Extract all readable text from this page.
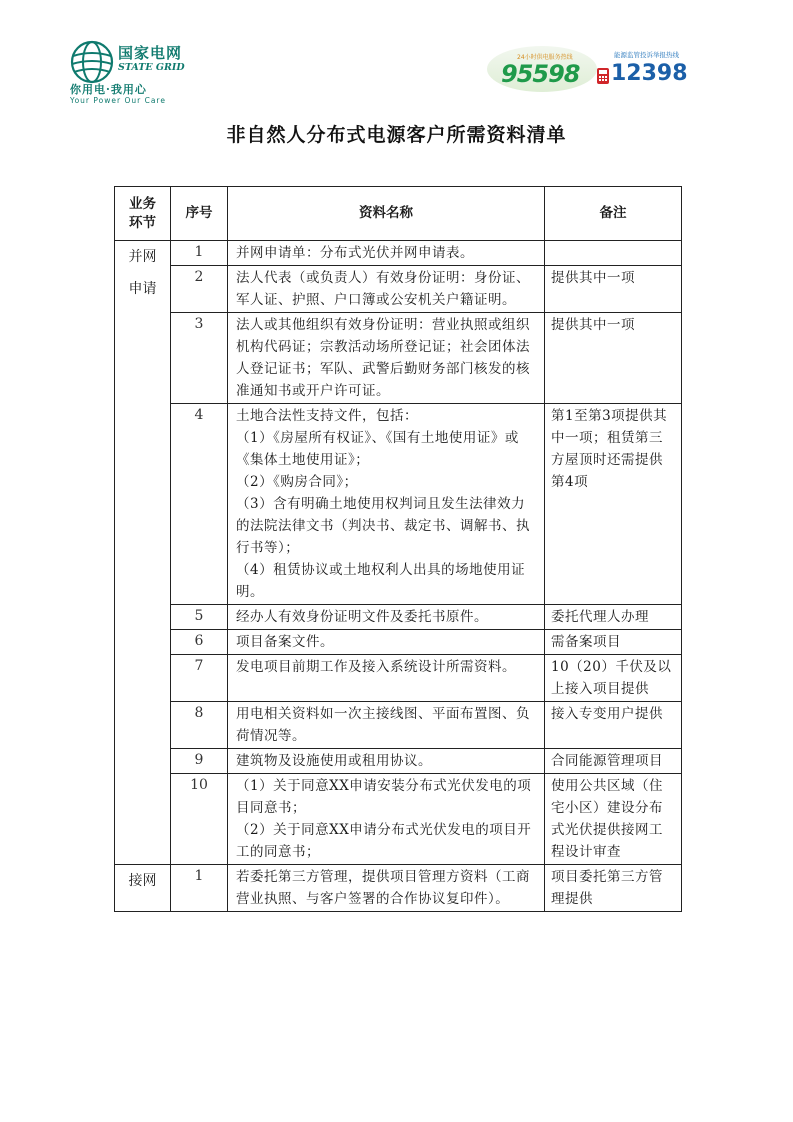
国家电网
STATE GRID
你用电·我用心
Your Power Our Care
24小时供电服务热线
95598
能源监管投诉举报热线
12398
非自然人分布式电源客户所需资料清单
业务环节	序号	资料名称	备注
并网申请	1	并网申请单：分布式光伏并网申请表。	

	2	法人代表（或负责人）有效身份证明：身份证、军人证、护照、户口簿或公安机关户籍证明。	提供其中一项
	3	法人或其他组织有效身份证明：营业执照或组织机构代码证；宗教活动场所登记证；社会团体法人登记证书；军队、武警后勤财务部门核发的核准通知书或开户许可证。	提供其中一项
	4	土地合法性支持文件，包括：
（1）《房屋所有权证》、《国有土地使用证》或《集体土地使用证》；
（2）《购房合同》；
（3）含有明确土地使用权判词且发生法律效力的法院法律文书（判决书、裁定书、调解书、执行书等）；
（4）租赁协议或土地权利人出具的场地使用证明。	第1至第3项提供其中一项；租赁第三方屋顶时还需提供第4项
	5	经办人有效身份证明文件及委托书原件。	委托代理人办理
	6	项目备案文件。	需备案项目
	7	发电项目前期工作及接入系统设计所需资料。	10（20）千伏及以上接入项目提供
	8	用电相关资料如一次主接线图、平面布置图、负荷情况等。	接入专变用户提供
	9	建筑物及设施使用或租用协议。	合同能源管理项目
	10	（1）关于同意XX申请安装分布式光伏发电的项目同意书；
（2）关于同意XX申请分布式光伏发电的项目开工的同意书；	使用公共区域（住宅小区）建设分布式光伏提供接网工程设计审查
接网	1	若委托第三方管理，提供项目管理方资料（工商营业执照、与客户签署的合作协议复印件）。	项目委托第三方管理提供
